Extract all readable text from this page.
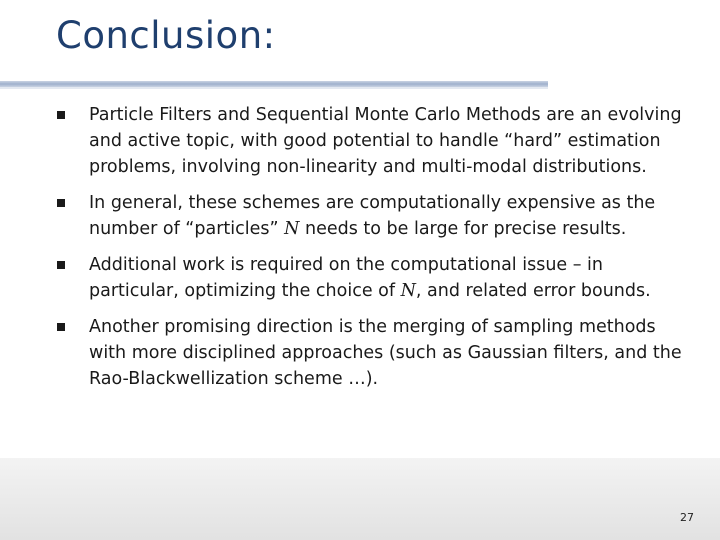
Conclusion:
Particle Filters and Sequential Monte Carlo Methods are an evolving and active topic, with good potential to handle “hard” estimation problems, involving non-linearity and multi-modal distributions.
In general, these schemes are computationally expensive as the number of “particles” N needs to be large for precise results.
Additional work is required on the computational issue – in particular, optimizing the choice of N, and related error bounds.
Another promising direction is the merging of sampling methods with more disciplined approaches (such as Gaussian filters, and the Rao-Blackwellization scheme …).
27
